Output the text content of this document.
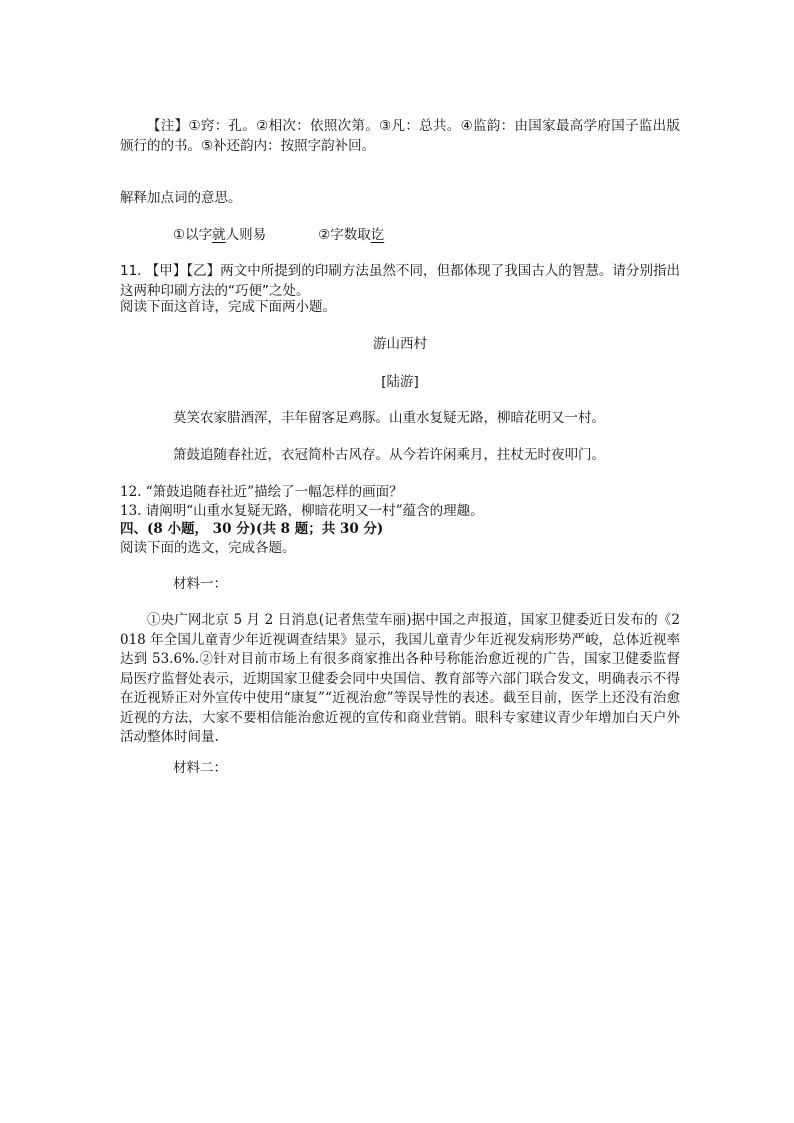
【注】①窍：孔。②相次：依照次第。③凡：总共。④监韵：由国家最高学府国子监出版颁行的的书。⑤补还韵内：按照字韵补回。
解释加点词的意思。
①以字就人则易	②字数取讫
11. 【甲】【乙】两文中所提到的印刷方法虽然不同，但都体现了我国古人的智慧。请分别指出这两种印刷方法的“巧便”之处。
阅读下面这首诗，完成下面两小题。
游山西村
[陆游]
莫笑农家腊酒浑，丰年留客足鸡豚。山重水复疑无路，柳暗花明又一村。
箫鼓追随春社近，衣冠简朴古风存。从今若许闲乘月，拄杖无时夜叩门。
12. “箫鼓追随春社近”描绘了一幅怎样的画面？
13. 请阐明“山重水复疑无路，柳暗花明又一村”蕴含的理趣。
四、(8 小题， 30 分)(共 8 题；共 30 分)
阅读下面的选文，完成各题。
材料一：
①央广网北京 5 月 2 日消息(记者焦莹车丽)据中国之声报道，国家卫健委近日发布的《2018 年全国儿童青少年近视调查结果》显示，我国儿童青少年近视发病形势严峻，总体近视率达到 53.6%.②针对目前市场上有很多商家推出各种号称能治愈近视的广告，国家卫健委监督局医疗监督处表示，近期国家卫健委会同中央国信、教育部等六部门联合发文，明确表示不得在近视矫正对外宣传中使用“康复”“近视治愈”等误导性的表述。截至目前，医学上还没有治愈近视的方法，大家不要相信能治愈近视的宣传和商业营销。眼科专家建议青少年增加白天户外活动整体时间量.
材料二：
